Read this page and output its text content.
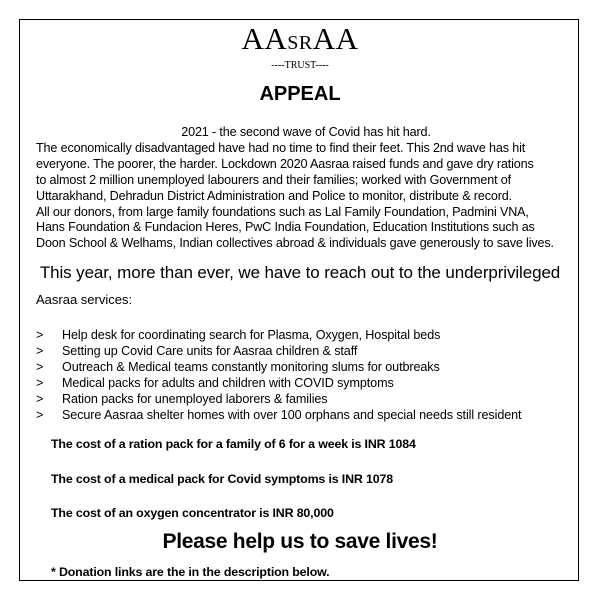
AASRAA
----TRUST----
APPEAL
2021 - the second wave of Covid has hit hard.
The economically disadvantaged have had no time to find their feet. This 2nd wave has hit
everyone. The poorer, the harder. Lockdown 2020 Aasraa raised funds and gave dry rations
to almost 2 million unemployed labourers and their families; worked with Government of
Uttarakhand, Dehradun District Administration and Police to monitor, distribute & record.
All our donors, from large family foundations such as Lal Family Foundation, Padmini VNA,
Hans Foundation & Fundacion Heres, PwC India Foundation, Education Institutions such as
Doon School & Welhams, Indian collectives abroad & individuals gave generously to save lives.
This year, more than ever, we have to reach out to the underprivileged
Aasraa services:
>	Help desk for coordinating search for Plasma, Oxygen, Hospital beds
>	Setting up Covid Care units for Aasraa children & staff
>	Outreach & Medical teams constantly monitoring slums for outbreaks
>	Medical packs for adults and children with COVID symptoms
>	Ration packs for unemployed laborers & families
>	Secure Aasraa shelter homes with over 100 orphans and special needs still resident
The cost of a ration pack for a family of 6 for a week is INR 1084
The cost of a medical pack for Covid symptoms is INR 1078
The cost of an oxygen concentrator is INR 80,000
Please help us to save lives!
* Donation links are the in the description below.
